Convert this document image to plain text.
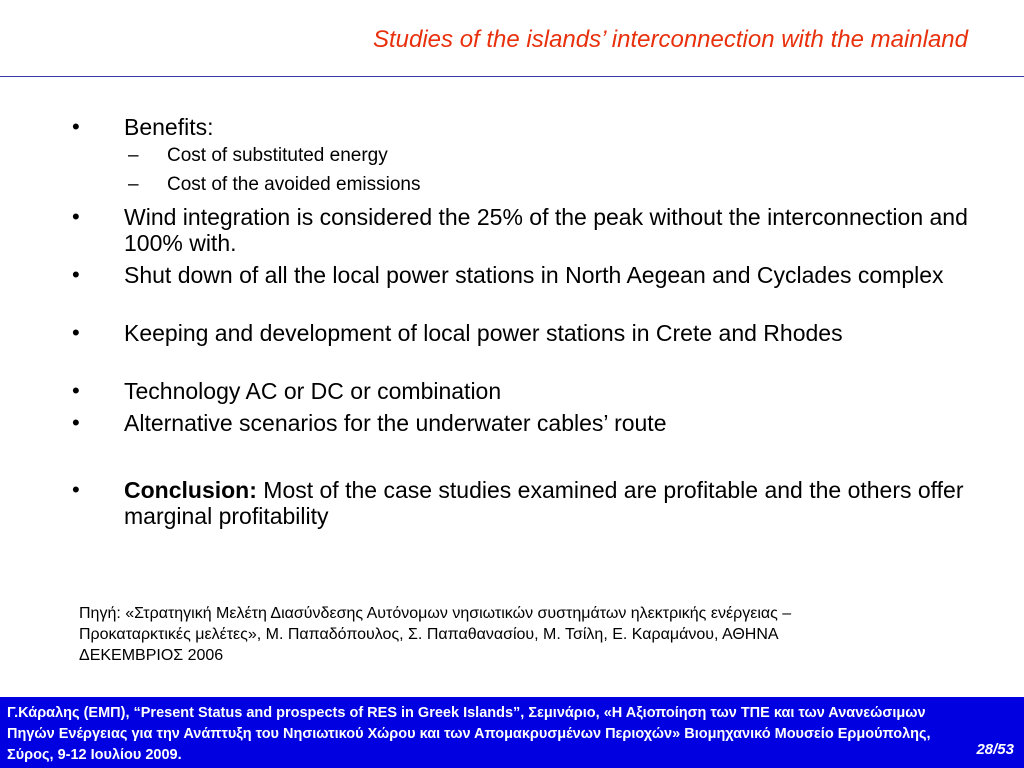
Studies of the islands’ interconnection with the mainland
• Benefits:
– Cost of substituted energy
– Cost of the avoided emissions
• Wind integration is considered the 25% of the peak without the interconnection and 100% with.
• Shut down of all the local power stations in North Aegean and Cyclades complex
• Keeping and development of local power stations in Crete and Rhodes
• Technology AC or DC or combination
• Alternative scenarios for the underwater cables’ route
• Conclusion: Most of the case studies examined are profitable and the others offer marginal profitability
Πηγή: «Στρατηγική Μελέτη Διασύνδεσης Αυτόνομων νησιωτικών συστημάτων ηλεκτρικής ενέργειας – Προκαταρκτικές μελέτες», Μ. Παπαδόπουλος, Σ. Παπαθανασίου, Μ. Τσίλη, Ε. Καραμάνου, ΑΘΗΝΑ ΔΕΚΕΜΒΡΙΟΣ 2006
Γ.Κάραλης (ΕΜΠ), “Present Status and prospects of RES in Greek Islands”, Σεμινάριο, «Η Αξιοποίηση των ΤΠΕ και των Ανανεώσιμων Πηγών Ενέργειας για την Ανάπτυξη του Νησιωτικού Χώρου και των Απομακρυσμένων Περιοχών» Βιομηχανικό Μουσείο Ερμούπολης, Σύρος, 9-12 Ιουλίου 2009.	28/53
